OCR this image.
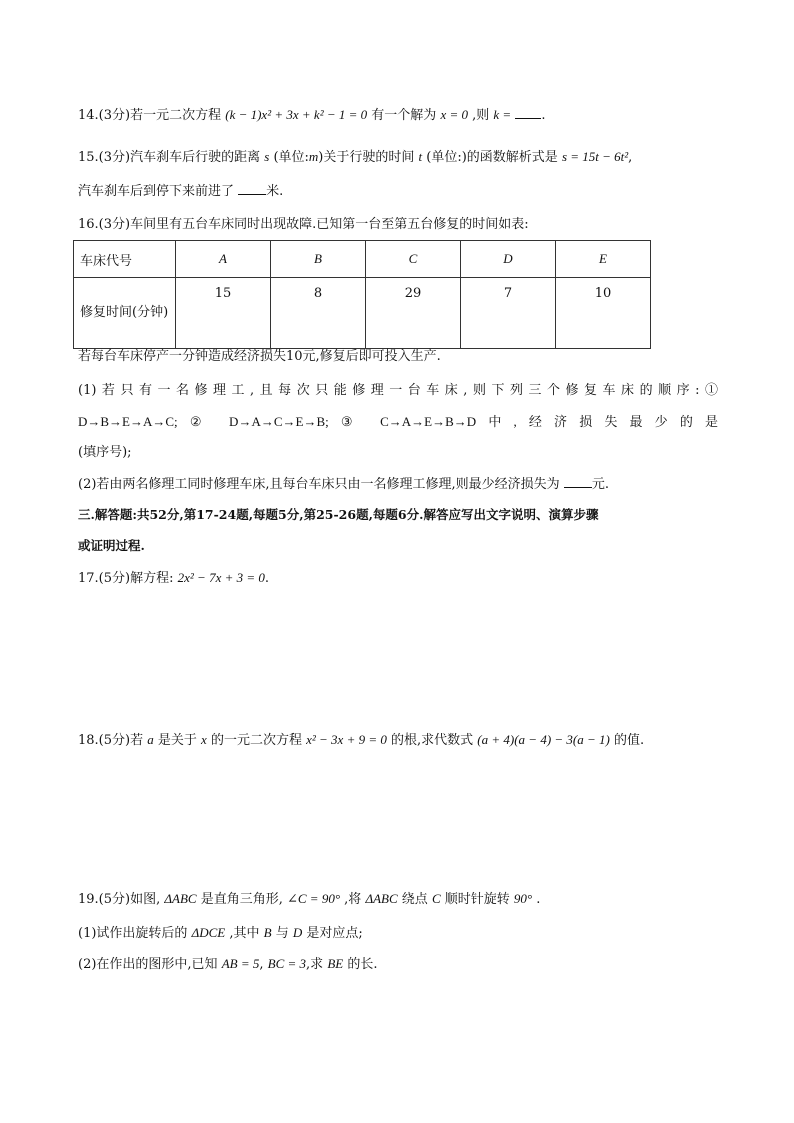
14.(3分)若一元二次方程 (k − 1)x² + 3x + k² − 1 = 0 有一个解为 x = 0 ,则 k = .
15.(3分)汽车刹车后行驶的距离 s (单位:m)关于行驶的时间 t (单位:)的函数解析式是 s = 15t − 6t²,
汽车刹车后到停下来前进了 米.
16.(3分)车间里有五台车床同时出现故障.已知第一台至第五台修复的时间如表:
车床代号	A	B	C	D	E
修复时间(分钟)	15	8	29	7	10
若每台车床停产一分钟造成经济损失10元,修复后即可投入生产.
(1)若只有一名修理工,且每次只能修理一台车床,则下列三个修复车床的顺序:①
D→B→E→A→C;② D→A→C→E→B;③ C→A→E→B→D中,经济损失最少的是
(填序号);
(2)若由两名修理工同时修理车床,且每台车床只由一名修理工修理,则最少经济损失为 元.
三.解答题:共52分,第17-24题,每题5分,第25-26题,每题6分.解答应写出文字说明、演算步骤
或证明过程.
17.(5分)解方程: 2x² − 7x + 3 = 0.
18.(5分)若 a 是关于 x 的一元二次方程 x² − 3x + 9 = 0 的根,求代数式 (a + 4)(a − 4) − 3(a − 1) 的值.
19.(5分)如图, ΔABC 是直角三角形, ∠C = 90° ,将 ΔABC 绕点 C 顺时针旋转 90° .
(1)试作出旋转后的 ΔDCE ,其中 B 与 D 是对应点;
(2)在作出的图形中,已知 AB = 5, BC = 3,求 BE 的长.
